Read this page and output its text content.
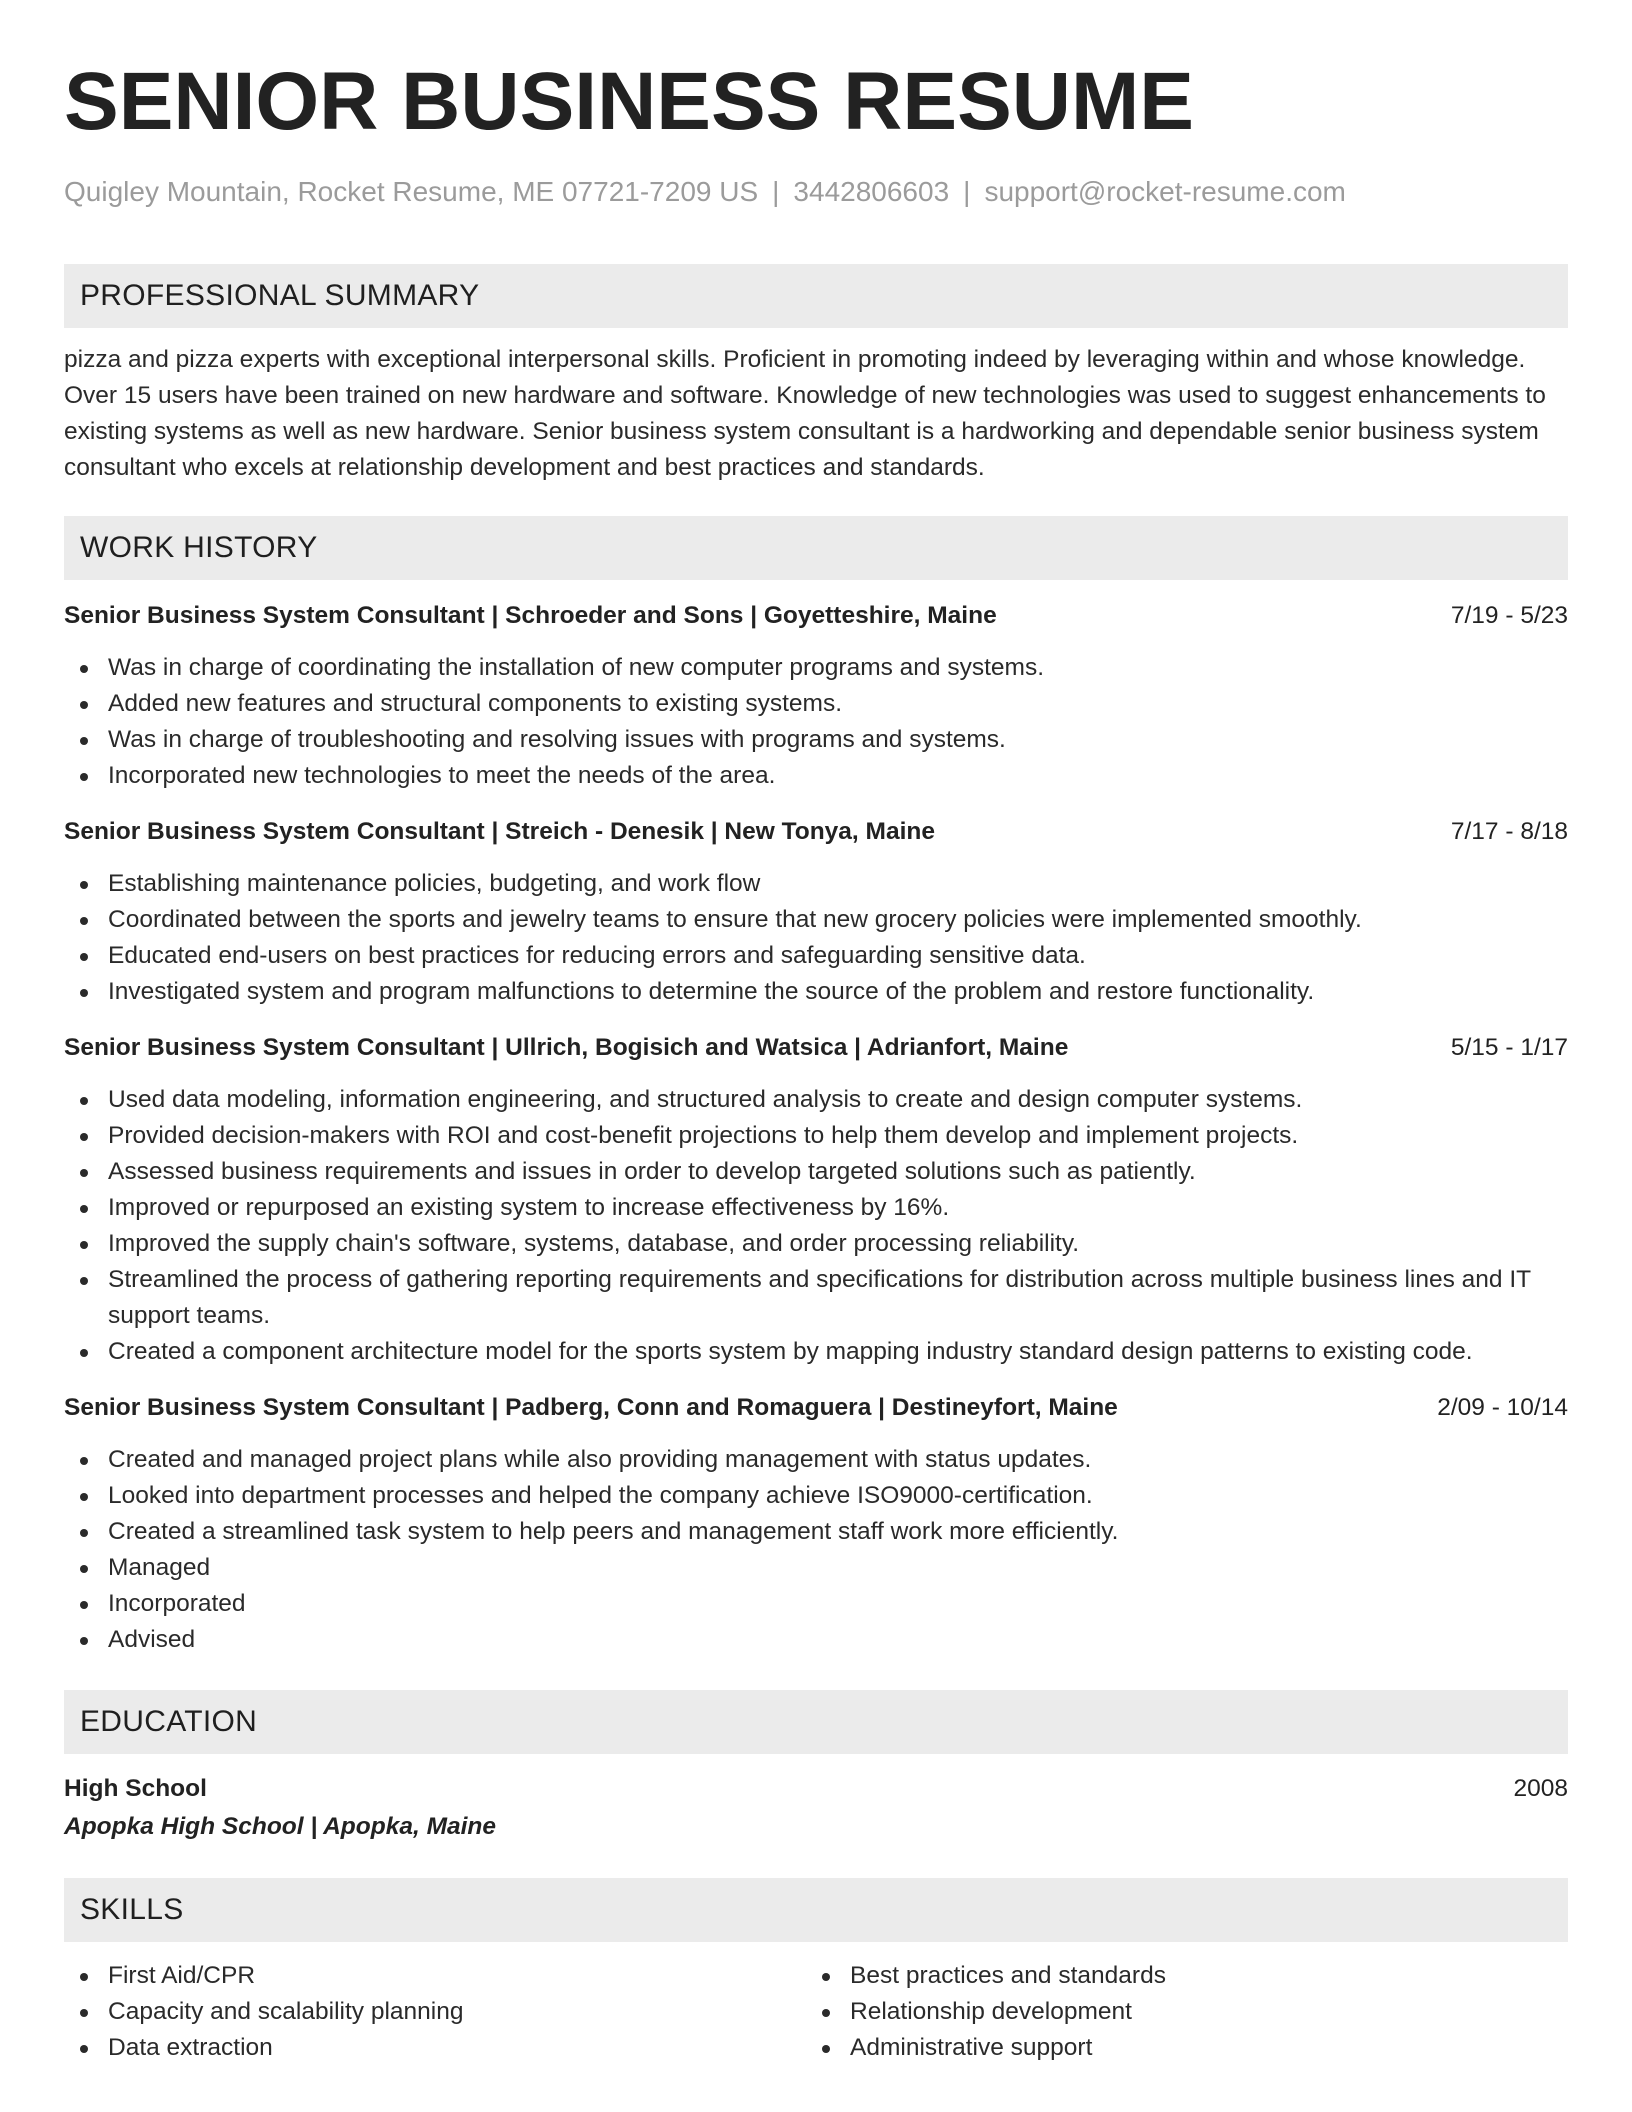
SENIOR BUSINESS RESUME
Quigley Mountain, Rocket Resume, ME 07721-7209 US | 3442806603 | support@rocket-resume.com
PROFESSIONAL SUMMARY
pizza and pizza experts with exceptional interpersonal skills. Proficient in promoting indeed by leveraging within and whose knowledge. Over 15 users have been trained on new hardware and software. Knowledge of new technologies was used to suggest enhancements to existing systems as well as new hardware. Senior business system consultant is a hardworking and dependable senior business system consultant who excels at relationship development and best practices and standards.
WORK HISTORY
Senior Business System Consultant | Schroeder and Sons | Goyetteshire, Maine	7/19 - 5/23
Was in charge of coordinating the installation of new computer programs and systems.
Added new features and structural components to existing systems.
Was in charge of troubleshooting and resolving issues with programs and systems.
Incorporated new technologies to meet the needs of the area.
Senior Business System Consultant | Streich - Denesik | New Tonya, Maine	7/17 - 8/18
Establishing maintenance policies, budgeting, and work flow
Coordinated between the sports and jewelry teams to ensure that new grocery policies were implemented smoothly.
Educated end-users on best practices for reducing errors and safeguarding sensitive data.
Investigated system and program malfunctions to determine the source of the problem and restore functionality.
Senior Business System Consultant | Ullrich, Bogisich and Watsica | Adrianfort, Maine	5/15 - 1/17
Used data modeling, information engineering, and structured analysis to create and design computer systems.
Provided decision-makers with ROI and cost-benefit projections to help them develop and implement projects.
Assessed business requirements and issues in order to develop targeted solutions such as patiently.
Improved or repurposed an existing system to increase effectiveness by 16%.
Improved the supply chain's software, systems, database, and order processing reliability.
Streamlined the process of gathering reporting requirements and specifications for distribution across multiple business lines and IT support teams.
Created a component architecture model for the sports system by mapping industry standard design patterns to existing code.
Senior Business System Consultant | Padberg, Conn and Romaguera | Destineyfort, Maine	2/09 - 10/14
Created and managed project plans while also providing management with status updates.
Looked into department processes and helped the company achieve ISO9000-certification.
Created a streamlined task system to help peers and management staff work more efficiently.
Managed
Incorporated
Advised
EDUCATION
High School	2008
Apopka High School | Apopka, Maine
SKILLS
First Aid/CPR
Capacity and scalability planning
Data extraction
Best practices and standards
Relationship development
Administrative support
